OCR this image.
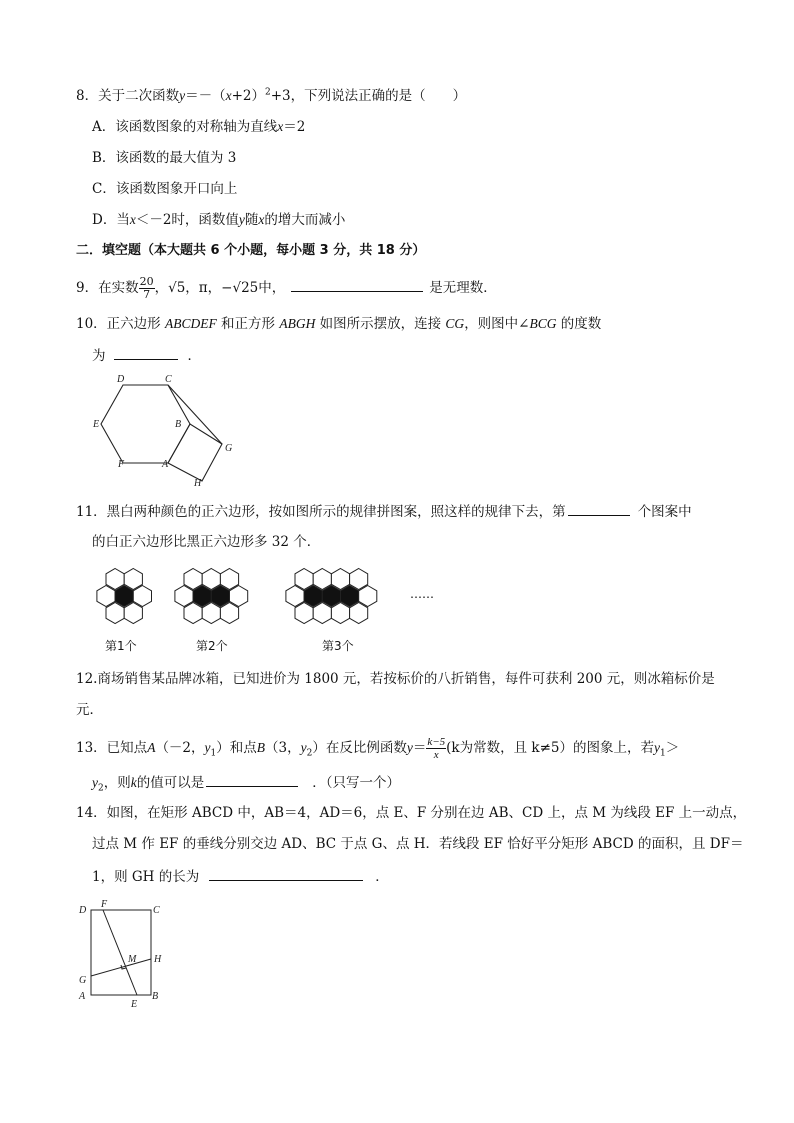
8．关于二次函数$y=-(x+2)^2+3$，下列说法正确的是（　　）
A．该函数图象的对称轴为直线x＝2
B．该函数的最大值为 3
C．该函数图象开口向上
D．当x＜－2时，函数值y随x的增大而减小
二．填空题（本大题共 6 个小题，每小题 3 分，共 18 分）
9．在实数 $\frac{20}{7}$ ，√5，π，−√25中，	是无理数．
10．正六边形 ABCDEF 和正方形 ABGH 如图所示摆放，连接 CG，则图中∠BCG 的度数
为	．
D	C
E	B
G
F	A
H
11．黑白两种颜色的正六边形，按如图所示的规律拼图案，照这样的规律下去，第	个图案中
的白正六边形比黑正六边形多 32 个．
第1个	第2个	第3个
……
12.商场销售某品牌冰箱，已知进价为 1800 元，若按标价的八折销售，每件可获利 200 元，则冰箱标价是
元．
13．已知点A（－2，$y_1$）和点B（3，$y_2$）在反比例函数$y= \frac{k-5}{x} (k$为常数，且 k≠5）的图象上，若$y_1>$
$y_2$，则k的值可以是	．（只写一个）
14．如图，在矩形 ABCD 中，AB＝4，AD＝6，点 E、F 分别在边 AB、CD 上，点 M 为线段 EF 上一动点，
过点 M 作 EF 的垂线分别交边 AD、BC 于点 G、点 H．若线段 EF 恰好平分矩形 ABCD 的面积，且 DF＝
1，则 GH 的长为	．
D
F
C
M H
G
A
E
B
